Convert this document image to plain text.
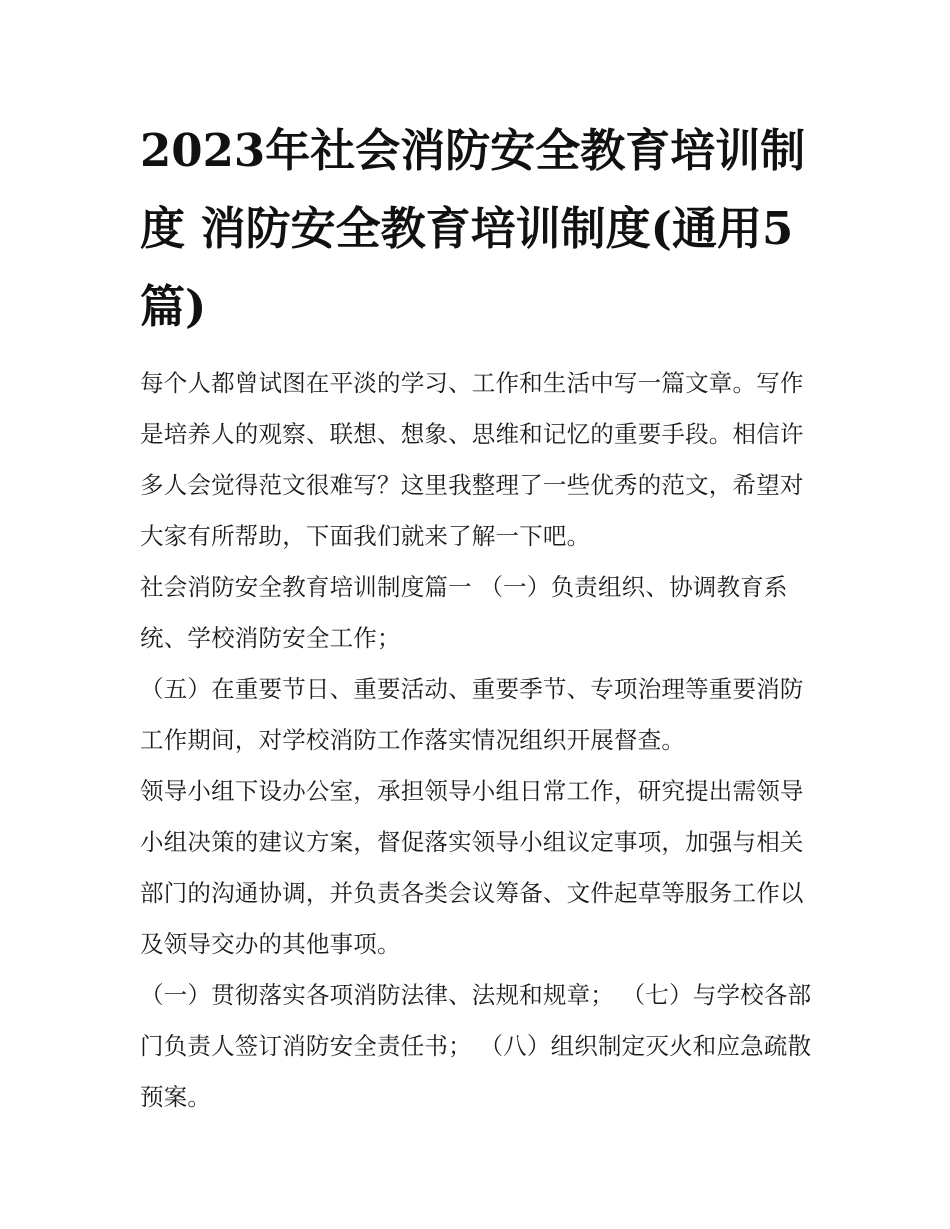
2023年社会消防安全教育培训制度 消防安全教育培训制度(通用5篇)

每个人都曾试图在平淡的学习、工作和生活中写一篇文章。写作是培养人的观察、联想、想象、思维和记忆的重要手段。相信许多人会觉得范文很难写？这里我整理了一些优秀的范文，希望对大家有所帮助，下面我们就来了解一下吧。

社会消防安全教育培训制度篇一 （一）负责组织、协调教育系统、学校消防安全工作；

（五）在重要节日、重要活动、重要季节、专项治理等重要消防工作期间，对学校消防工作落实情况组织开展督查。

领导小组下设办公室，承担领导小组日常工作，研究提出需领导小组决策的建议方案，督促落实领导小组议定事项，加强与相关部门的沟通协调，并负责各类会议筹备、文件起草等服务工作以及领导交办的其他事项。

（一）贯彻落实各项消防法律、法规和规章； （七）与学校各部门负责人签订消防安全责任书； （八）组织制定灭火和应急疏散预案。
